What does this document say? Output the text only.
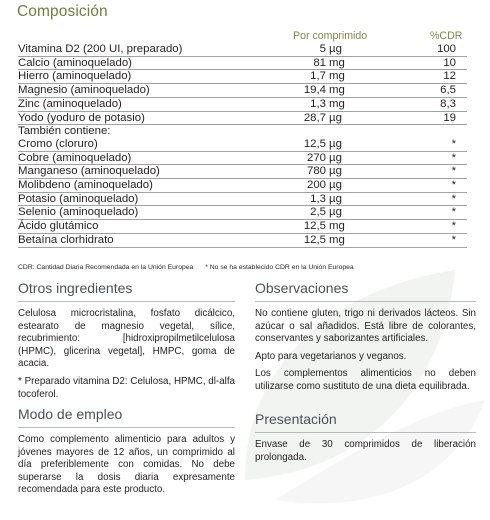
Composición
Por comprimido	%CDR
Vitamina D2 (200 UI, preparado)	5 µg	100
Calcio (aminoquelado)	81 mg	10
Hierro (aminoquelado)	1,7 mg	12
Magnesio (aminoquelado)	19,4 mg	6,5
Zinc (aminoquelado)	1,3 mg	8,3
Yodo (yoduro de potasio)	28,7 µg	19
También contiene:		
Cromo (cloruro)	12,5 µg	*
Cobre (aminoquelado)	270 µg	*
Manganeso (aminoquelado)	780 µg	*
Molibdeno (aminoquelado)	200 µg	*
Potasio (aminoquelado)	1,3 µg	*
Selenio (aminoquelado)	2,5 µg	*
Ácido glutámico	12,5 mg	*
Betaína clorhidrato	12,5 mg	*
CDR: Cantidad Diaria Recomendada en la Unión Europea * No se ha establecido CDR en la Unión Europea
Otros ingredientes

Celulosa microcristalina, fosfato dicálcico, estearato de magnesio vegetal, sílice, recubrimiento: [hidroxipropilmetilcelulosa (HPMC), glicerina vegetal], HMPC, goma de acacia.

* Preparado vitamina D2: Celulosa, HPMC, dl-alfa tocoferol.

Observaciones

No contiene gluten, trigo ni derivados lácteos. Sin azúcar o sal añadidos. Está libre de colorantes, conservantes y saborizantes artificiales.

Apto para vegetarianos y veganos.

Los complementos alimenticios no deben utilizarse como sustituto de una dieta equilibrada.

Modo de empleo

Como complemento alimenticio para adultos y jóvenes mayores de 12 años, un comprimido al día preferiblemente con comidas. No debe superarse la dosis diaria expresamente recomendada para este producto.

Presentación

Envase de 30 comprimidos de liberación prolongada.
